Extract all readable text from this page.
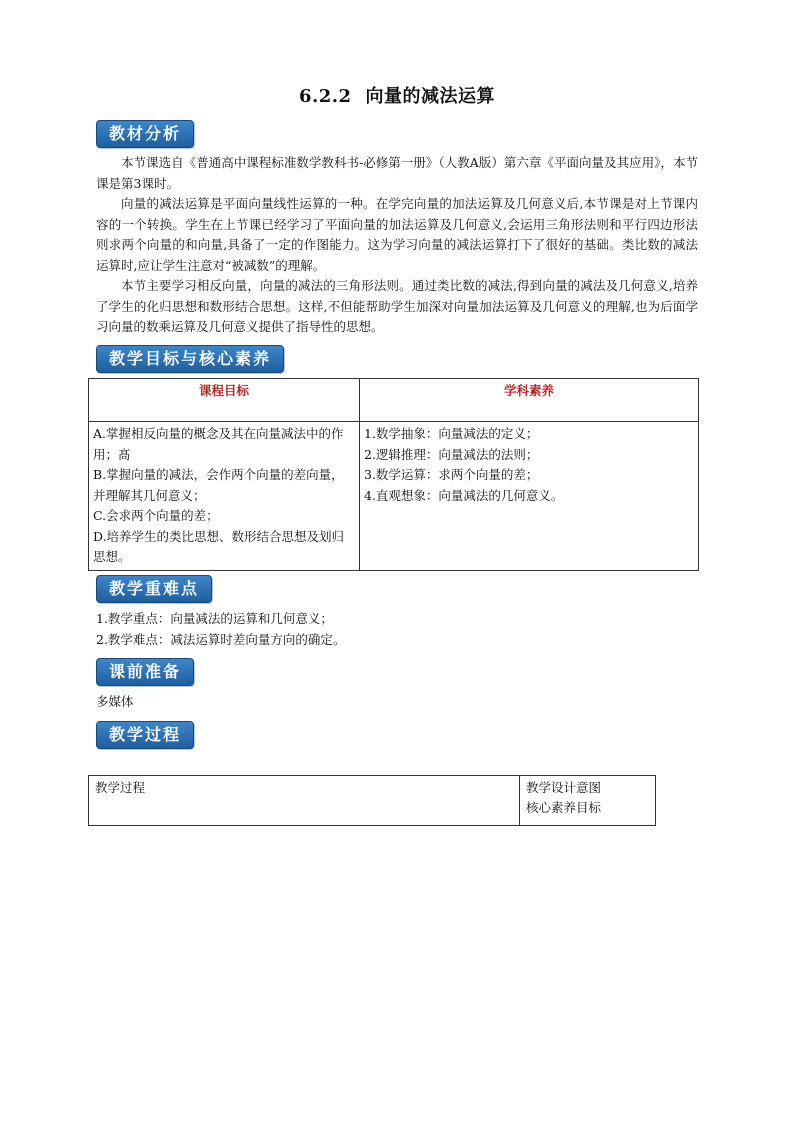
6.2.2 向量的减法运算
教材分析

本节课选自《普通高中课程标准数学教科书-必修第一册》（人教A版）第六章《平面向量及其应用》，本节课是第3课时。

向量的减法运算是平面向量线性运算的一种。在学完向量的加法运算及几何意义后,本节课是对上节课内容的一个转换。学生在上节课已经学习了平面向量的加法运算及几何意义,会运用三角形法则和平行四边形法则求两个向量的和向量,具备了一定的作图能力。这为学习向量的减法运算打下了很好的基础。类比数的减法运算时,应让学生注意对“被减数”的理解。

本节主要学习相反向量，向量的减法的三角形法则。通过类比数的减法,得到向量的减法及几何意义,培养了学生的化归思想和数形结合思想。这样,不但能帮助学生加深对向量加法运算及几何意义的理解,也为后面学习向量的数乘运算及几何意义提供了指导性的思想。

教学目标与核心素养
课程目标	学科素养

A.掌握相反向量的概念及其在向量减法中的作用；髙
B.掌握向量的减法，会作两个向量的差向量，并理解其几何意义；
C.会求两个向量的差；
D.培养学生的类比思想、数形结合思想及划归思想。	1.数学抽象：向量减法的定义；
2.逻辑推理：向量减法的法则；
3.数学运算：求两个向量的差；
4.直观想象：向量减法的几何意义。
教学重难点
1.教学重点：向量减法的运算和几何意义；
2.教学难点：减法运算时差向量方向的确定。
课前准备
多媒体
教学过程
教学过程	教学设计意图
核心素养目标
